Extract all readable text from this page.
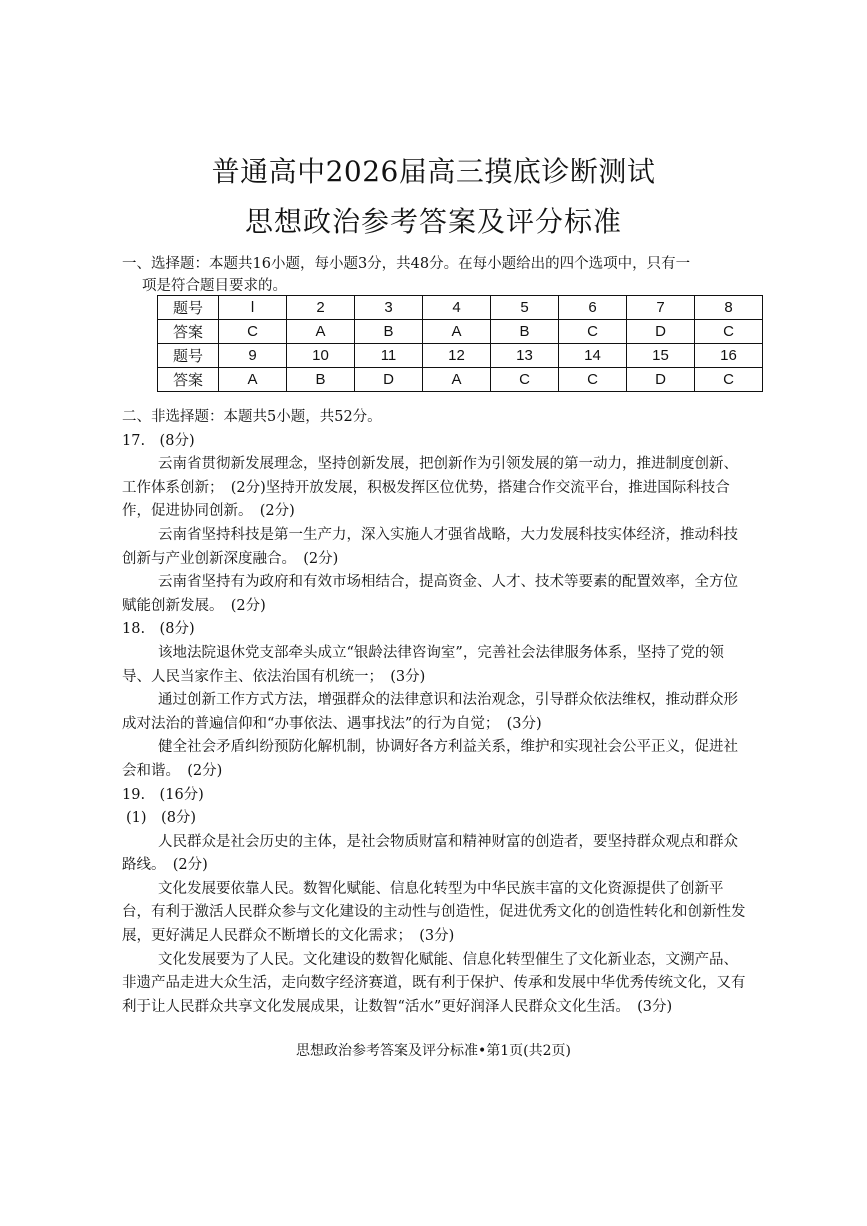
普通高中2026届高三摸底诊断测试
思想政治参考答案及评分标准
一、选择题：本题共16小题，每小题3分，共48分。在每小题给出的四个选项中，只有一
项是符合题目要求的。
题号	l	2	3	4	5	6	7	8
答案	C	A	B	A	B	C	D	C
题号	9	10	11	12	13	14	15	16
答案	A	B	D	A	C	C	D	C

二、非选择题：本题共5小题，共52分。

17.　(8分)

云南省贯彻新发展理念，坚持创新发展，把创新作为引领发展的第一动力，推进制度创新、工作体系创新；　(2分)坚持开放发展，积极发挥区位优势，搭建合作交流平台，推进国际科技合作，促进协同创新。　(2分)

云南省坚持科技是第一生产力，深入实施人才强省战略，大力发展科技实体经济，推动科技创新与产业创新深度融合。　(2分)

云南省坚持有为政府和有效市场相结合，提高资金、人才、技术等要素的配置效率，全方位赋能创新发展。　(2分)

18.　(8分)

该地法院退休党支部牵头成立“银龄法律咨询室”，完善社会法律服务体系，坚持了党的领导、人民当家作主、依法治国有机统一；　(3分)

通过创新工作方式方法，增强群众的法律意识和法治观念，引导群众依法维权，推动群众形成对法治的普遍信仰和“办事依法、遇事找法”的行为自觉；　(3分)

健全社会矛盾纠纷预防化解机制，协调好各方利益关系，维护和实现社会公平正义，促进社会和谐。　(2分)

19.　(16分)

(1)　(8分)

人民群众是社会历史的主体，是社会物质财富和精神财富的创造者，要坚持群众观点和群众路线。　(2分)

文化发展要依靠人民。数智化赋能、信息化转型为中华民族丰富的文化资源提供了创新平台，有利于激活人民群众参与文化建设的主动性与创造性，促进优秀文化的创造性转化和创新性发展，更好满足人民群众不断增长的文化需求；　(3分)

文化发展要为了人民。文化建设的数智化赋能、信息化转型催生了文化新业态，文溯产品、非遗产品走进大众生活，走向数字经济赛道，既有利于保护、传承和发展中华优秀传统文化，又有利于让人民群众共享文化发展成果，让数智“活水”更好润泽人民群众文化生活。　(3分)

思想政治参考答案及评分标准•第1页(共2页)
